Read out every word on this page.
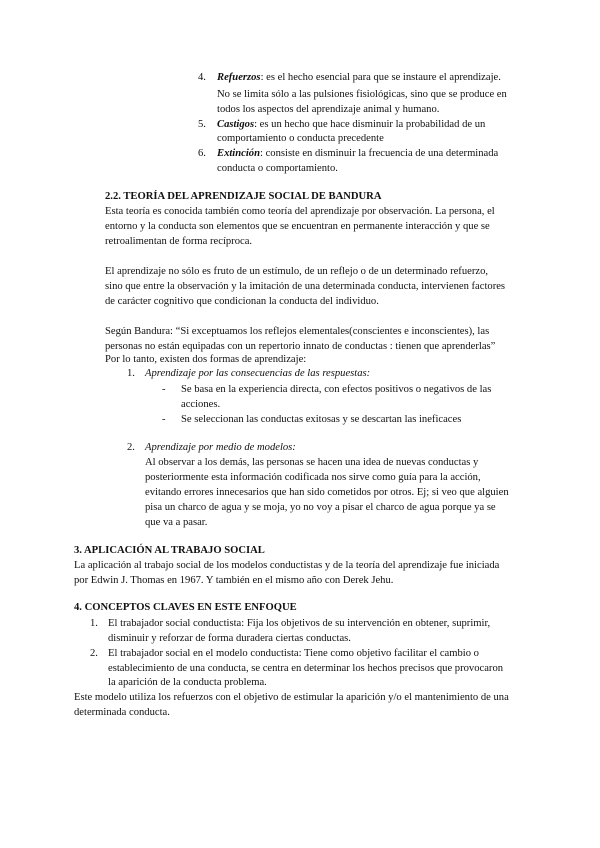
4. Refuerzos: es el hecho esencial para que se instaure el aprendizaje.
No se limita sólo a las pulsiones fisiológicas, sino que se produce en
todos los aspectos del aprendizaje animal y humano.
5. Castigos: es un hecho que hace disminuir la probabilidad de un
comportamiento o conducta precedente
6. Extinción: consiste en disminuir la frecuencia de una determinada
conducta o comportamiento.
2.2. TEORÍA DEL APRENDIZAJE SOCIAL DE BANDURA
Esta teoría es conocida también como teoría del aprendizaje por observación. La persona, el
entorno y la conducta son elementos que se encuentran en permanente interacción y que se
retroalimentan de forma recíproca.
El aprendizaje no sólo es fruto de un estímulo, de un reflejo o de un determinado refuerzo,
sino que entre la observación y la imitación de una determinada conducta, intervienen factores
de carácter cognitivo que condicionan la conducta del individuo.
Según Bandura: “Si exceptuamos los reflejos elementales(conscientes e inconscientes), las
personas no están equipadas con un repertorio innato de conductas : tienen que aprenderlas”
Por lo tanto, existen dos formas de aprendizaje:
1. Aprendizaje por las consecuencias de las respuestas:
- Se basa en la experiencia directa, con efectos positivos o negativos de las
acciones.
- Se seleccionan las conductas exitosas y se descartan las ineficaces
2. Aprendizaje por medio de modelos:
Al observar a los demás, las personas se hacen una idea de nuevas conductas y
posteriormente esta información codificada nos sirve como guía para la acción,
evitando errores innecesarios que han sido cometidos por otros. Ej; si veo que alguien
pisa un charco de agua y se moja, yo no voy a pisar el charco de agua porque ya se
que va a pasar.
3. APLICACIÓN AL TRABAJO SOCIAL
La aplicación al trabajo social de los modelos conductistas y de la teoría del aprendizaje fue iniciada
por Edwin J. Thomas en 1967. Y también en el mismo año con Derek Jehu.
4. CONCEPTOS CLAVES EN ESTE ENFOQUE
1. El trabajador social conductista: Fija los objetivos de su intervención en obtener, suprimir,
disminuir y reforzar de forma duradera ciertas conductas.
2. El trabajador social en el modelo conductista: Tiene como objetivo facilitar el cambio o
establecimiento de una conducta, se centra en determinar los hechos precisos que provocaron
la aparición de la conducta problema.
Este modelo utiliza los refuerzos con el objetivo de estimular la aparición y/o el mantenimiento de una
determinada conducta.
